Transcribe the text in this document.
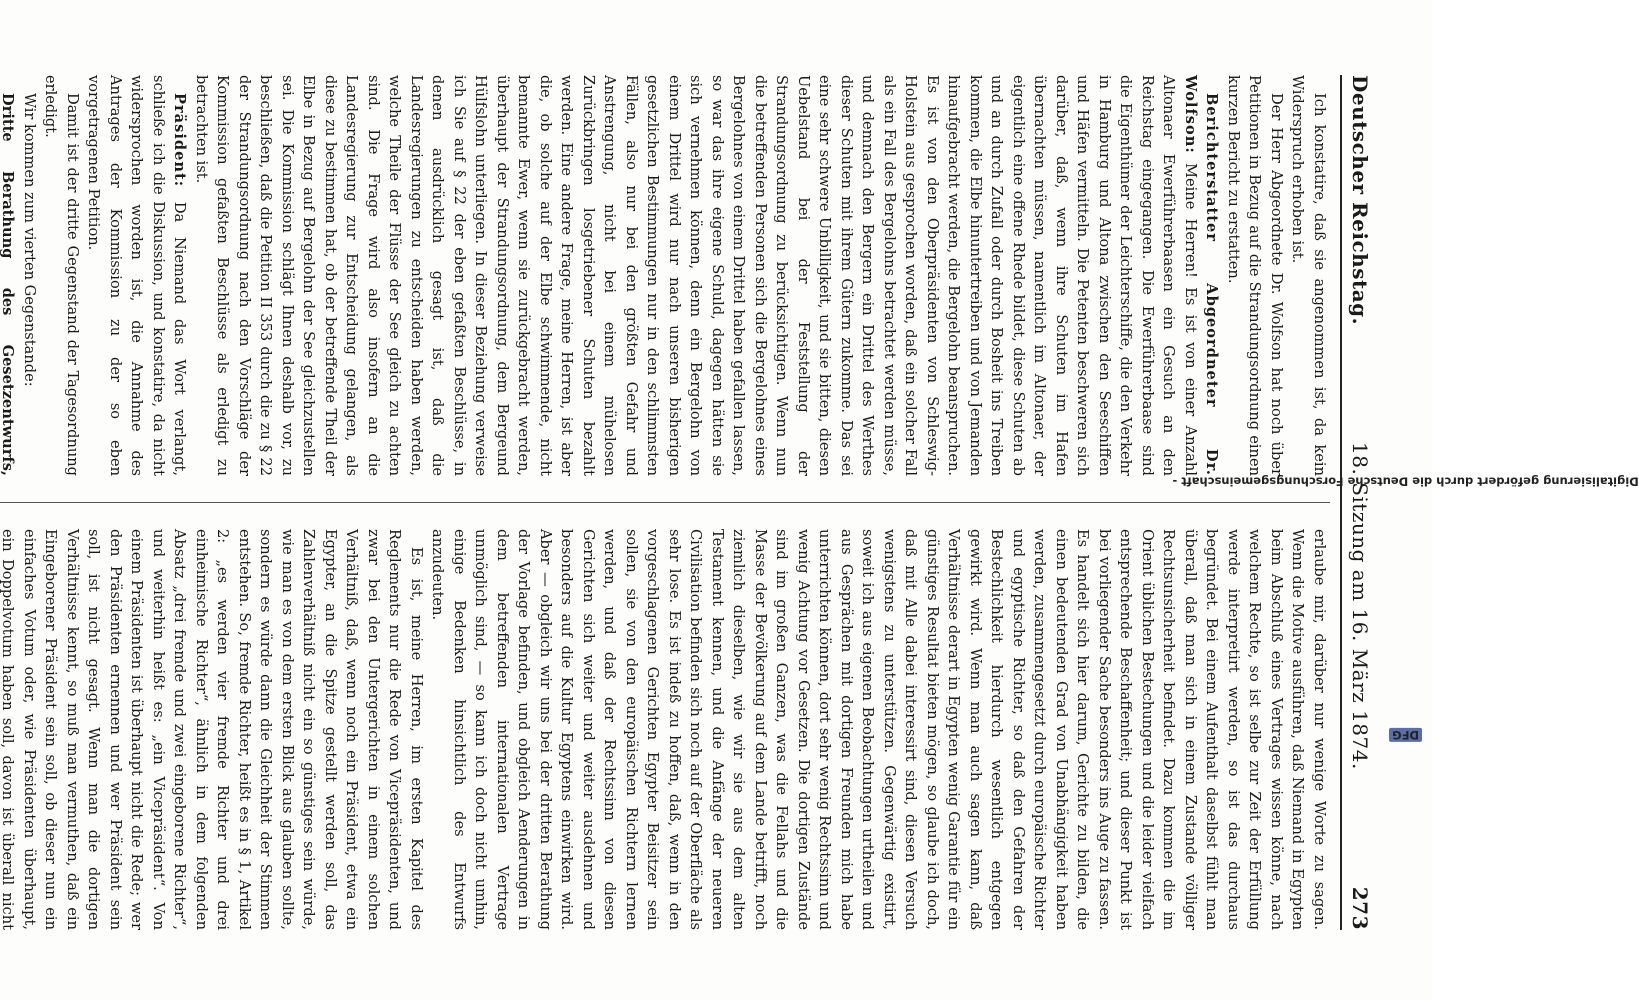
Deutscher Reichstag.
18. Sitzung am 16. März 1874.
273

Ich konstatire, daß sie angenommen ist, da kein Widerspruch erhoben ist.

Der Herr Abgeordnete Dr. Wolfson hat noch über Petitionen in Bezug auf die Strandungsordnung einen kurzen Bericht zu erstatten.

Berichterstatter Abgeordneter Dr. Wolfson: Meine Herren! Es ist von einer Anzahl Altonaer Ewerführerbaasen ein Gesuch an den Reichstag eingegangen. Die Ewerführerbaase sind die Eigenthümer der Leichterschiffe, die den Verkehr in Hamburg und Altona zwischen den Seeschiffen und Häfen vermitteln. Die Petenten beschweren sich darüber, daß, wenn ihre Schuten im Hafen übernachten müssen, namentlich im Altonaer, der eigentlich eine offene Rhede bildet, diese Schuten ab und an durch Zufall oder durch Bosheit ins Treiben kommen, die Elbe hinuntertreiben und von Jemanden hinaufgebracht werden, die Bergelohn beanspruchen. Es ist von den Oberpräsidenten von Schleswig-Holstein aus gesprochen worden, daß ein solcher Fall als ein Fall des Bergelohns betrachtet werden müsse, und demnach den Bergern ein Drittel des Werthes dieser Schuten mit ihrem Gütern zukomme. Das sei eine sehr schwere Unbilligkeit, und sie bitten, diesen Uebelstand bei der Feststellung der Strandungsordnung zu berücksichtigen. Wenn nun die betreffenden Personen sich die Bergelohnes eines Bergelohnes von einem Drittel haben gefallen lassen, so war das ihre eigene Schuld, dagegen hätten sie sich vernehmen können, denn ein Bergelohn von einem Drittel wird nur nach unseren bisherigen gesetzlichen Bestimmungen nur in den schlimmsten Fällen, also nur bei den größten Gefahr und Anstrengung, nicht bei einem mühelosen Zurückbringen losgetriebener Schuten bezahlt werden. Eine andere Frage, meine Herren, ist aber die, ob solche auf der Elbe schwimmende, nicht bemannte Ewer, wenn sie zurückgebracht werden, überhaupt der Strandungsordnung, dem Bergeund Hülfslohn unterliegen. In dieser Beziehung verweise ich Sie auf § 22 der eben gefaßten Beschlüsse, in denen ausdrücklich gesagt ist, daß die Landesregierungen zu entscheiden haben werden, welche Theile der Flüsse der See gleich zu achten sind. Die Frage wird also insofern an die Landesregierung zur Entscheidung gelangen, als diese zu bestimmen hat, ob der betreffende Theil der Elbe in Bezug auf Bergelohn der See gleichzustellen sei. Die Kommission schlägt Ihnen deshalb vor, zu beschließen, daß die Petition II 353 durch die zu § 22 der Strandungsordnung nach den Vorschläge der Kommission gefaßten Beschlüsse als erledigt zu betrachten ist.

Präsident: Da Niemand das Wort verlangt, schließe ich die Diskussion, und konstatire, da nicht widersprochen worden ist, die Annahme des Antrages der Kommission zu der so eben vorgetragenen Petition.

Damit ist der dritte Gegenstand der Tagesordnung erledigt.

Wir kommen zum vierten Gegenstande:

Dritte Berathung des Gesetzentwurfs,

erlaube mir, darüber nur wenige Worte zu sagen. Wenn die Motive ausführen, daß Niemand in Egypten beim Abschluß eines Vertrages wissen könne, nach welchem Rechte, so ist selbe zur Zeit der Erfüllung werde interpretirt werden, so ist das durchaus begründet. Bei einem Aufenthalt daselbst fühlt man überall, daß man sich in einem Zustande völliger Rechtsunsicherheit befindet. Dazu kommen die im Orient üblichen Bestechungen und die leider vielfach entsprechende Beschaffenheit; und dieser Punkt ist bei vorliegender Sache besonders ins Auge zu fassen. Es handelt sich hier darum, Gerichte zu bilden, die einen bedeutenden Grad von Unabhängigkeit haben werden, zusammengesetzt durch europäische Richter und egyptische Richter, so daß den Gefahren der Bestechlichkeit hierdurch wesentlich entgegen gewirkt wird. Wenn man auch sagen kann, daß Verhältnisse derart in Egypten wenig Garantie für ein günstiges Resultat bieten mögen, so glaube ich doch, daß mit Alle dabei interessirt sind, diesen Versuch wenigstens zu unterstützen. Gegenwärtig existirt, soweit ich aus eigenen Beobachtungen urtheilen und aus Gesprächen mit dortigen Freunden mich habe unterrichten können, dort sehr wenig Rechtssinn und wenig Achtung vor Gesetzen. Die dortigen Zustände sind im großen Ganzen, was die Fellahs und die Masse der Bevölkerung auf dem Lande betrifft, noch ziemlich dieselben, wie wir sie aus dem alten Testament kennen, und die Anfänge der neueren Civilisation befinden sich noch auf der Oberfläche als sehr lose. Es ist indeß zu hoffen, daß, wenn in den vorgeschlagenen Gerichten Egypter Beisitzer sein sollen, sie von den europäischen Richtern lernen werden, und daß der Rechtssinn von diesen Gerichten sich weiter und weiter ausdehnen und besonders auf die Kultur Egyptens einwirken wird. Aber — obgleich wir uns bei der dritten Berathung der Vorlage befinden, und obgleich Aenderungen in dem betreffenden internationalen Vertrage unmöglich sind, — so kann ich doch nicht umhin, einige Bedenken hinsichtlich des Entwurfs anzudeuten.

Es ist, meine Herren, im ersten Kapitel des Reglements nur die Rede von Vicepräsidenten, und zwar bei den Untergerichten in einem solchen Verhältniß, daß, wenn noch ein Präsident, etwa ein Egypter, an die Spitze gestellt werden soll, das Zahlenverhältniß nicht ein so günstiges sein würde, wie man es von dem ersten Blick aus glauben sollte, sondern es würde dann die Gleichheit der Stimmen entstehen. So, fremde Richter, heißt es in § 1, Artikel 2: „es werden vier fremde Richter und drei einheimische Richter“, ähnlich in dem folgenden Absatz „drei fremde und zwei eingeborene Richter“, und weiterhin heißt es: „ein Vicepräsident“. Von einem Präsidenten ist überhaupt nicht die Rede; wer den Präsidenten ernennen und wer Präsident sein soll, ist nicht gesagt. Wenn man die dortigen Verhältnisse kennt, so muß man vermuthen, daß ein Eingeborener Präsident sein soll, ob dieser nun ein einfaches Votum oder, wie Präsidenten überhaupt, ein Doppelvotum haben soll, davon ist überall nicht

Digitalisierung gefördert durch die Deutsche Forschungsgemeinschaft -DFG
